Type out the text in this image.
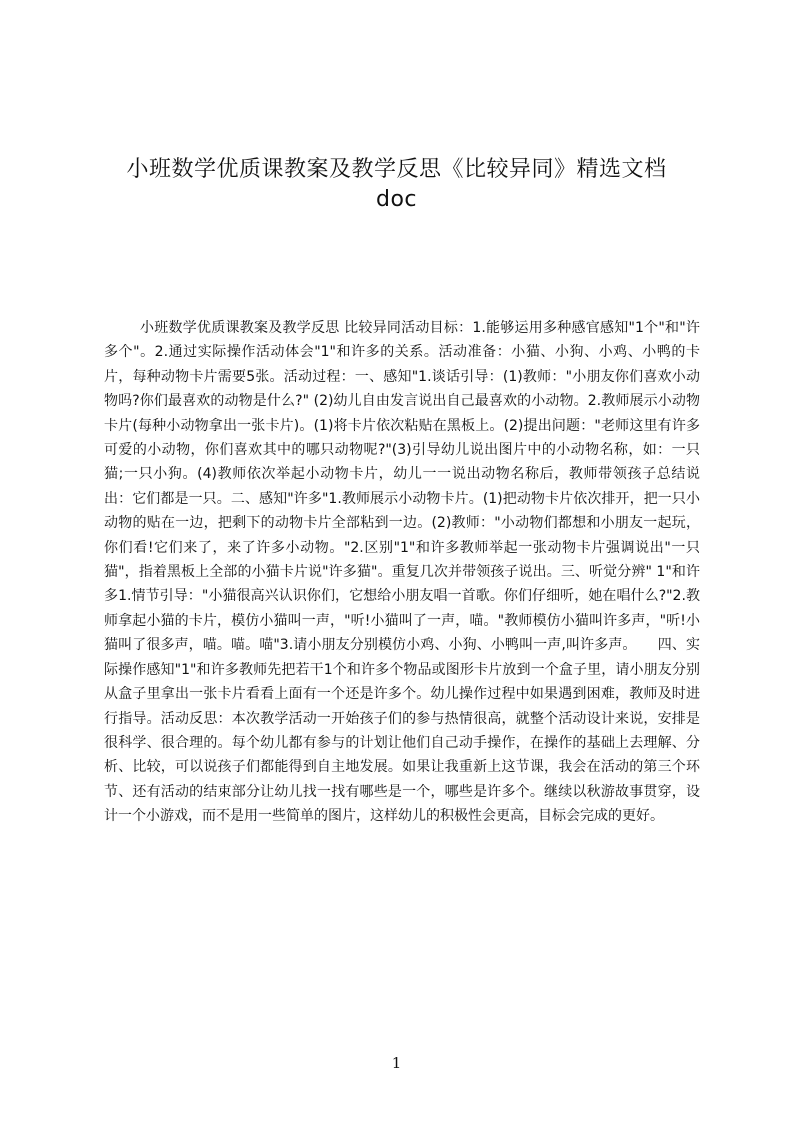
小班数学优质课教案及教学反思《比较异同》精选文档
doc

小班数学优质课教案及教学反思 比较异同活动目标：1.能够运用多种感官感知"1个"和"许多个"。2.通过实际操作活动体会"1"和许多的关系。活动准备：小猫、小狗、小鸡、小鸭的卡片，每种动物卡片需要5张。活动过程：一、感知"1.谈话引导：(1)教师："小朋友你们喜欢小动物吗?你们最喜欢的动物是什么?" (2)幼儿自由发言说出自己最喜欢的小动物。2.教师展示小动物卡片(每种小动物拿出一张卡片)。(1)将卡片依次粘贴在黑板上。(2)提出问题："老师这里有许多可爱的小动物，你们喜欢其中的哪只动物呢?"(3)引导幼儿说出图片中的小动物名称，如：一只猫;一只小狗。(4)教师依次举起小动物卡片，幼儿一一说出动物名称后，教师带领孩子总结说出：它们都是一只。二、感知"许多"1.教师展示小动物卡片。(1)把动物卡片依次排开，把一只小动物的贴在一边，把剩下的动物卡片全部粘到一边。(2)教师："小动物们都想和小朋友一起玩，你们看!它们来了，来了许多小动物。"2.区别"1"和许多教师举起一张动物卡片强调说出"一只猫"，指着黑板上全部的小猫卡片说"许多猫"。重复几次并带领孩子说出。三、听觉分辨" 1"和许多1.情节引导："小猫很高兴认识你们，它想给小朋友唱一首歌。你们仔细听，她在唱什么?"2.教师拿起小猫的卡片，模仿小猫叫一声，"听!小猫叫了一声，喵。"教师模仿小猫叫许多声，"听!小猫叫了很多声，喵。喵。喵"3.请小朋友分别模仿小鸡、小狗、小鸭叫一声,叫许多声。　　四、实际操作感知"1"和许多教师先把若干1个和许多个物品或图形卡片放到一个盒子里，请小朋友分别从盒子里拿出一张卡片看看上面有一个还是许多个。幼儿操作过程中如果遇到困难，教师及时进行指导。活动反思：本次教学活动一开始孩子们的参与热情很高，就整个活动设计来说，安排是很科学、很合理的。每个幼儿都有参与的计划让他们自己动手操作，在操作的基础上去理解、分析、比较，可以说孩子们都能得到自主地发展。如果让我重新上这节课，我会在活动的第三个环节、还有活动的结束部分让幼儿找一找有哪些是一个，哪些是许多个。继续以秋游故事贯穿，设计一个小游戏，而不是用一些简单的图片，这样幼儿的积极性会更高，目标会完成的更好。

1
